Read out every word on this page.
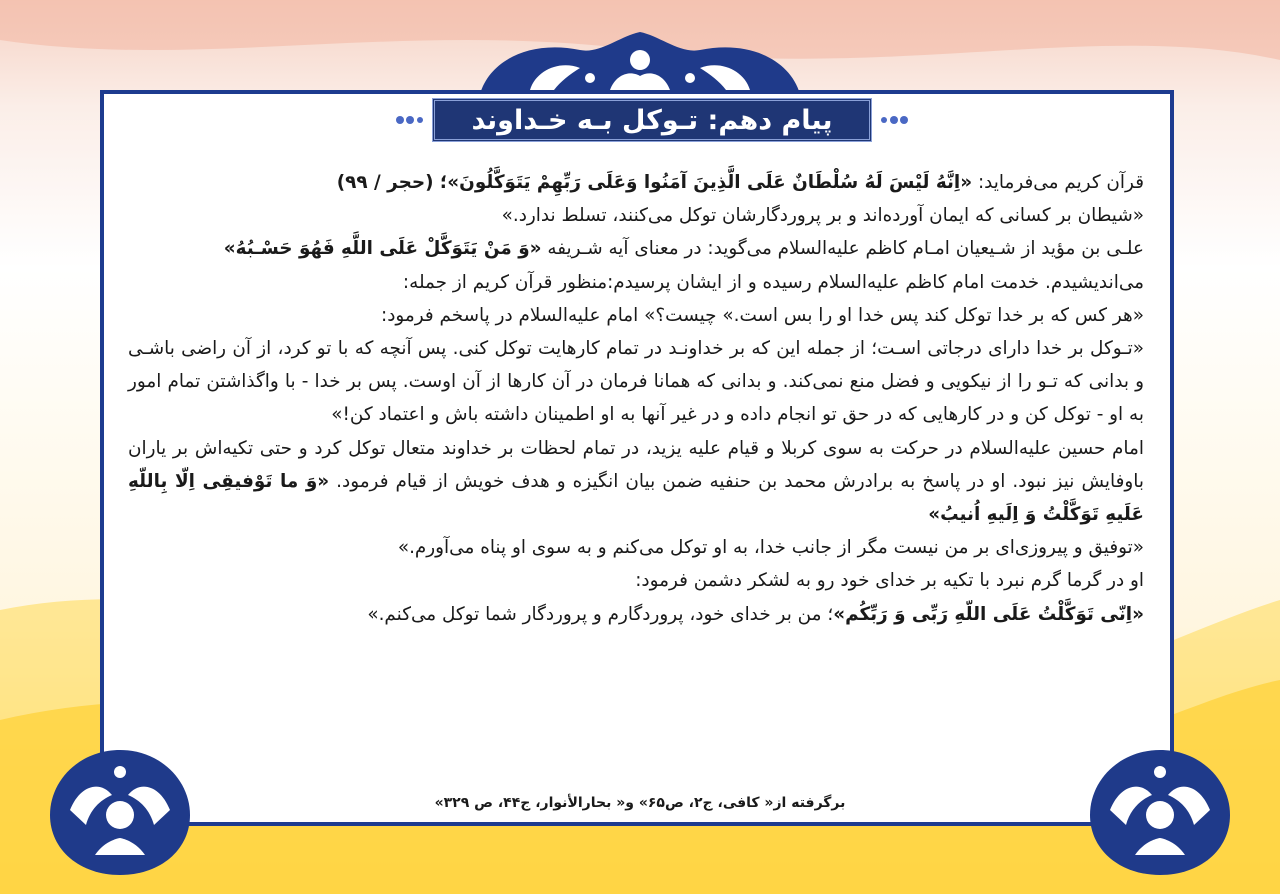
پیام دهم: تـوکل بـه خـداوند

قرآن کریم می‌فرماید: «اِنَّهُ لَیْسَ لَهُ سُلْطَانٌ عَلَی الَّذِینَ آمَنُوا وَعَلَی رَبِّهِمْ یَتَوَکَّلُونَ»؛ (حجر / ۹۹)

«شیطان بر کسانی که ایمان آورده‌اند و بر پروردگارشان توکل می‌کنند، تسلط ندارد.»

علـی بن مؤید از شـیعیان امـام کاظم علیه‌السلام می‌گوید: در معنای آیه شـریفه «وَ مَنْ یَتَوَکَّلْ عَلَی اللَّهِ فَهُوَ حَسْـبُهُ»

می‌اندیشیدم. خدمت امام کاظم علیه‌السلام رسیده و از ایشان پرسیدم:منظور قرآن کریم از جمله:

«هر کس که بر خدا توکل کند پس خدا او را بس است.» چیست؟» امام علیه‌السلام در پاسخم فرمود:

«تـوکل بر خدا دارای درجاتی اسـت؛ از جمله این که بر خداونـد در تمام کارهایت توکل کنی. پس آنچه که با تو کرد، از آن راضی باشـی و بدانی که تـو را از نیکویی و فضل منع نمی‌کند. و بدانی که همانا فرمان در آن کارها از آن اوست. پس بر خدا - با واگذاشتن تمام امور به او - توکل کن و در کارهایی که در حق تو انجام داده و در غیر آنها به او اطمینان داشته باش و اعتماد کن!»

امام حسین علیه‌السلام در حرکت به سوی کربلا و قیام علیه یزید، در تمام لحظات بر خداوند متعال توکل کرد و حتی تکیه‌اش بر یاران باوفایش نیز نبود. او در پاسخ به برادرش محمد بن حنفیه ضمن بیان انگیزه و هدف خویش از قیام فرمود. «وَ ما تَوْفیقِی اِلّا بِاللّهِ عَلَیهِ تَوَکَّلْتُ وَ اِلَیهِ اُنیبُ»

«توفیق و پیروزی‌ای بر من نیست مگر از جانب خدا، به او توکل می‌کنم و به سوی او پناه می‌آورم.»

او در گرما گرم نبرد با تکیه بر خدای خود رو به لشکر دشمن فرمود:

«اِنّی تَوَکَّلْتُ عَلَی اللّهِ رَبِّی وَ رَبِّکُم»؛ من بر خدای خود، پروردگارم و پروردگار شما توکل می‌کنم.»

برگرفته از« کافی، ج۲، ص۶۵» و« بحارالأنوار، ج۴۴، ص ۳۲۹»
